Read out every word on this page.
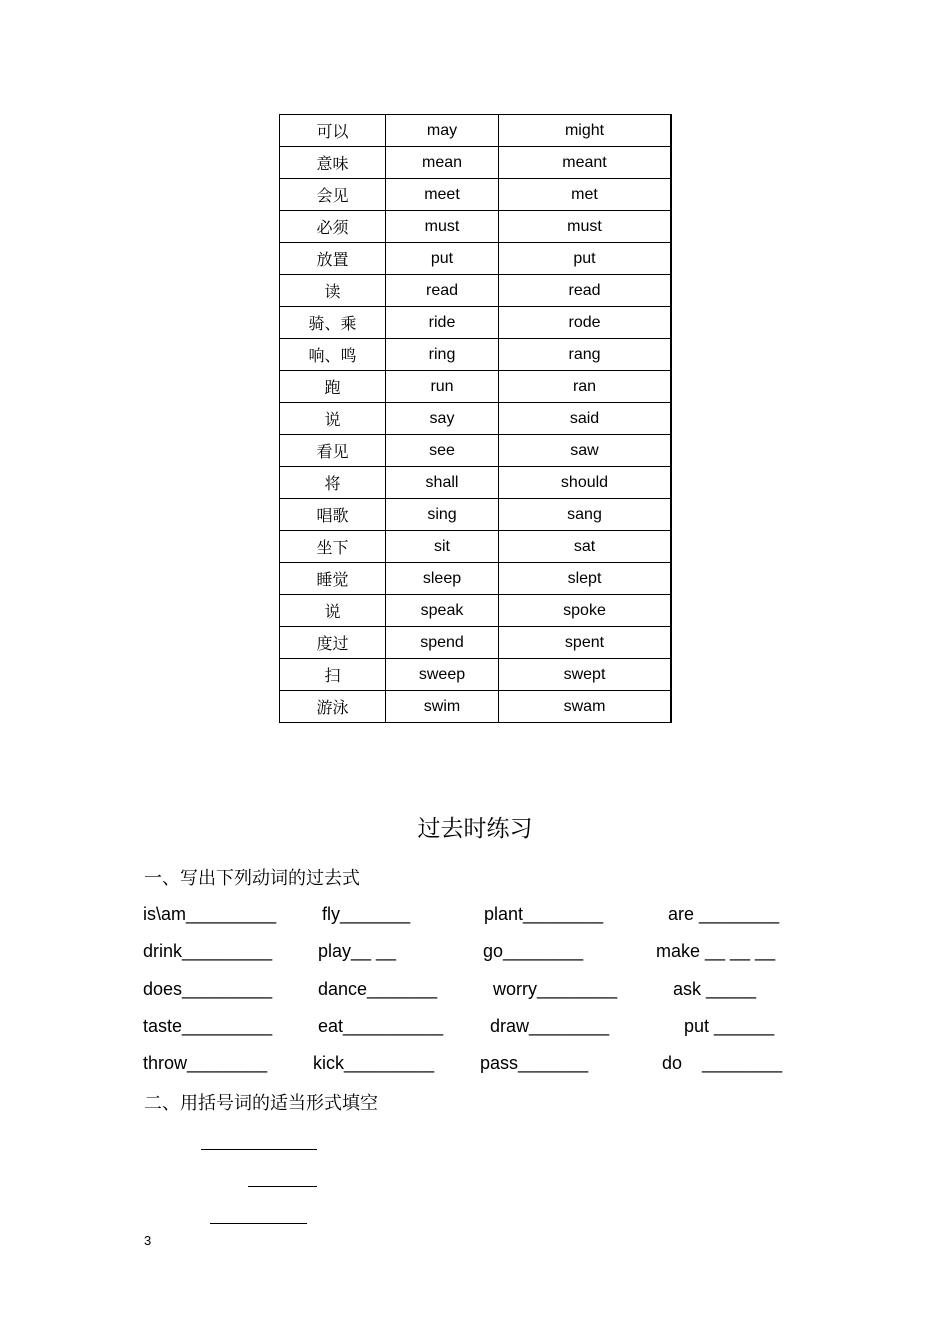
可以	may	might
意味	mean	meant
会见	meet	met
必须	must	must
放置	put	put
读	read	read
骑、乘	ride	rode
响、鸣	ring	rang
跑	run	ran
说	say	said
看见	see	saw
将	shall	should
唱歌	sing	sang
坐下	sit	sat
睡觉	sleep	slept
说	speak	spoke
度过	spend	spent
扫	sweep	swept
游泳	swim	swam
过去时练习
一、写出下列动词的过去式
is\am_________	fly_______	plant________	are ________
drink_________	play__ __	go________	make __ __ __
does_________	dance_______	worry________	ask _____
taste_________	eat__________	draw________	put ______
throw________	kick_________	pass_______	do    ________
二、用括号词的适当形式填空
3
